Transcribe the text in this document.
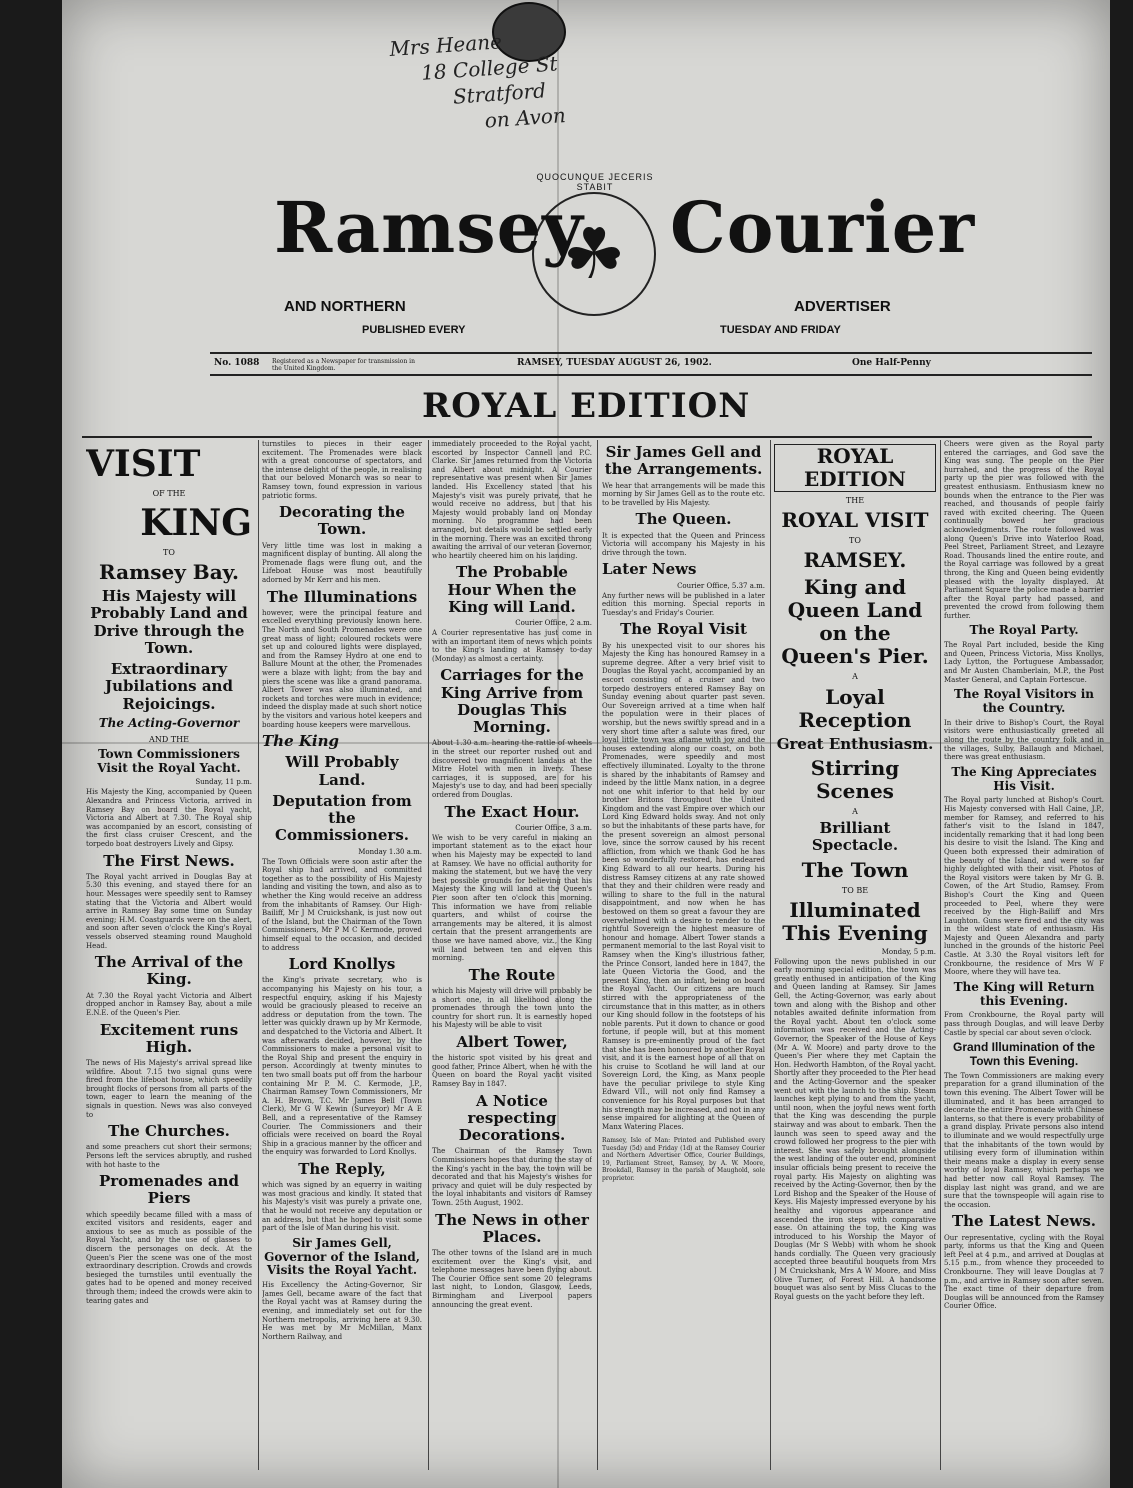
Mrs Heane
18 College St
Stratford
on Avon
QUOCUNQUE JECERIS STABIT
☘
Ramsey Courier
AND NORTHERN	ADVERTISER
PUBLISHED EVERY	TUESDAY AND FRIDAY
No. 1088 Registered as a Newspaper for transmission in the United Kingdom.
RAMSEY, TUESDAY AUGUST 26, 1902.	One Half-Penny
ROYAL EDITION
VISIT
OF THE
KING
TO
Ramsey Bay.
His Majesty will Probably Land and Drive through the Town.
Extraordinary Jubilations and Rejoicings.
The Acting-Governor
AND THE
Town Commissioners Visit the Royal Yacht.
Sunday, 11 p.m.

His Majesty the King, accompanied by Queen Alexandra and Princess Victoria, arrived in Ramsey Bay on board the Royal yacht, Victoria and Albert at 7.30. The Royal ship was accompanied by an escort, consisting of the first class cruiser Crescent, and the torpedo boat destroyers Lively and Gipsy.

The First News.

The Royal yacht arrived in Douglas Bay at 5.30 this evening, and stayed there for an hour. Messages were speedily sent to Ramsey stating that the Victoria and Albert would arrive in Ramsey Bay some time on Sunday evening; H.M. Coastguards were on the alert, and soon after seven o'clock the King's Royal vessels observed steaming round Maughold Head.

The Arrival of the King.

At 7.30 the Royal yacht Victoria and Albert dropped anchor in Ramsey Bay, about a mile E.N.E. of the Queen's Pier.

Excitement runs High.

The news of His Majesty's arrival spread like wildfire. About 7.15 two signal guns were fired from the lifeboat house, which speedily brought flocks of persons from all parts of the town, eager to learn the meaning of the signals in question. News was also conveyed to

The Churches.

and some preachers cut short their sermons; Persons left the services abruptly, and rushed with hot haste to the

Promenades and Piers

which speedily became filled with a mass of excited visitors and residents, eager and anxious to see as much as possible of the Royal Yacht, and by the use of glasses to discern the personages on deck. At the Queen's Pier the scene was one of the most extraordinary description. Crowds and crowds besieged the turnstiles until eventually the gates had to be opened and money received through them; indeed the crowds were akin to tearing gates and

turnstiles to pieces in their eager excitement. The Promenades were black with a great concourse of spectators, and the intense delight of the people, in realising that our beloved Monarch was so near to Ramsey town, found expression in various patriotic forms.

Decorating the Town.

Very little time was lost in making a magnificent display of bunting. All along the Promenade flags were flung out, and the Lifeboat House was most beautifully adorned by Mr Kerr and his men.

The Illuminations

however, were the principal feature and excelled everything previously known here. The North and South Promenades were one great mass of light; coloured rockets were set up and coloured lights were displayed, and from the Ramsey Hydro at one end to Ballure Mount at the other, the Promenades were a blaze with light; from the bay and piers the scene was like a grand panorama. Albert Tower was also illuminated, and rockets and torches were much in evidence; indeed the display made at such short notice by the visitors and various hotel keepers and boarding house keepers were marvellous.

The King
Will Probably Land.
Deputation from the Commissioners.
Monday 1.30 a.m.

The Town Officials were soon astir after the Royal ship had arrived, and committed together as to the possibility of His Majesty landing and visiting the town, and also as to whether the King would receive an address from the inhabitants of Ramsey. Our High-Bailiff, Mr J M Cruickshank, is just now out of the Island, but the Chairman of the Town Commissioners, Mr P M C Kermode, proved himself equal to the occasion, and decided to address

Lord Knollys

the King's private secretary, who is accompanying his Majesty on his tour, a respectful enquiry, asking if his Majesty would be graciously pleased to receive an address or deputation from the town. The letter was quickly drawn up by Mr Kermode, and despatched to the Victoria and Albert. It was afterwards decided, however, by the Commissioners to make a personal visit to the Royal Ship and present the enquiry in person. Accordingly at twenty minutes to ten two small boats put off from the harbour containing Mr P. M. C. Kermode, J.P., Chairman Ramsey Town Commissioners, Mr A. H. Brown, T.C. Mr James Bell (Town Clerk), Mr G W Kewin (Surveyor) Mr A E Bell, and a representative of the Ramsey Courier. The Commissioners and their officials were received on board the Royal Ship in a gracious manner by the officer and the enquiry was forwarded to Lord Knollys.

The Reply,

which was signed by an equerry in waiting was most gracious and kindly. It stated that his Majesty's visit was purely a private one, that he would not receive any deputation or an address, but that he hoped to visit some part of the Isle of Man during his visit.

Sir James Gell, Governor of the Island, Visits the Royal Yacht.

His Excellency the Acting-Governor, Sir James Gell, became aware of the fact that the Royal yacht was at Ramsey during the evening, and immediately set out for the Northern metropolis, arriving here at 9.30. He was met by Mr McMillan, Manx Northern Railway, and

immediately proceeded to the Royal yacht, escorted by Inspector Cannell and P.C. Clarke. Sir James returned from the Victoria and Albert about midnight. A Courier representative was present when Sir James landed. His Excellency stated that his Majesty's visit was purely private, that he would receive no address, but that his Majesty would probably land on Monday morning. No programme had been arranged, but details would be settled early in the morning. There was an excited throng awaiting the arrival of our veteran Governor, who heartily cheered him on his landing.

The Probable Hour When the King will Land.
Courier Office, 2 a.m.

A Courier representative has just come in with an important item of news which points to the King's landing at Ramsey to-day (Monday) as almost a certainty.

Carriages for the King Arrive from Douglas This Morning.

About 1.30 a.m. hearing the rattle of wheels in the street our reporter rushed out and discovered two magnificent landaus at the Mitre Hotel with men in livery. These carriages, it is supposed, are for his Majesty's use to day, and had been specially ordered from Douglas.

The Exact Hour.
Courier Office, 3 a.m.

We wish to be very careful in making an important statement as to the exact hour when his Majesty may be expected to land at Ramsey. We have no official authority for making the statement, but we have the very best possible grounds for believing that his Majesty the King will land at the Queen's Pier soon after ten o'clock this morning. This information we have from reliable quarters, and whilst of course the arrangements may be altered, it is almost certain that the present arrangements are those we have named above, viz., the King will land between ten and eleven this morning.

The Route

which his Majesty will drive will probably be a short one, in all likelihood along the promenades through the town unto the country for short run. It is earnestly hoped his Majesty will be able to visit

Albert Tower,

the historic spot visited by his great and good father, Prince Albert, when he with the Queen on board the Royal yacht visited Ramsey Bay in 1847.

A Notice respecting Decorations.

The Chairman of the Ramsey Town Commissioners hopes that during the stay of the King's yacht in the bay, the town will be decorated and that his Majesty's wishes for privacy and quiet will be duly respected by the loyal inhabitants and visitors of Ramsey Town. 25th August, 1902.

The News in other Places.

The other towns of the Island are in much excitement over the King's visit, and telephone messages have been flying about. The Courier Office sent some 20 telegrams last night, to London, Glasgow, Leeds, Birmingham and Liverpool papers announcing the great event.

Sir James Gell and the Arrangements.

We hear that arrangements will be made this morning by Sir James Gell as to the route etc. to be travelled by His Majesty.

The Queen.

It is expected that the Queen and Princess Victoria will accompany his Majesty in his drive through the town.

Later News
Courier Office, 5.37 a.m.

Any further news will be published in a later edition this morning. Special reports in Tuesday's and Friday's Courier.

The Royal Visit

By his unexpected visit to our shores his Majesty the King has honoured Ramsey in a supreme degree. After a very brief visit to Douglas the Royal yacht, accompanied by an escort consisting of a cruiser and two torpedo destroyers entered Ramsey Bay on Sunday evening about quarter past seven. Our Sovereign arrived at a time when half the population were in their places of worship, but the news swiftly spread and in a very short time after a salute was fired, our loyal little town was aflame with joy and the houses extending along our coast, on both Promenades, were speedily and most effectively illuminated. Loyalty to the throne is shared by the inhabitants of Ramsey and indeed by the little Manx nation, in a degree not one whit inferior to that held by our brother Britons throughout the United Kingdom and the vast Empire over which our Lord King Edward holds sway. And not only so but the inhabitants of these parts have, for the present sovereign an almost personal love, since the sorrow caused by his recent affliction, from which we thank God he has been so wonderfully restored, has endeared King Edward to all our hearts. During his distress Ramsey citizens at any rate showed that they and their children were ready and willing to share to the full in the natural disappointment, and now when he has bestowed on them so great a favour they are overwhelmed with a desire to render to the rightful Sovereign the highest measure of honour and homage. Albert Tower stands a permanent memorial to the last Royal visit to Ramsey when the King's illustrious father, the Prince Consort, landed here in 1847, the late Queen Victoria the Good, and the present King, then an infant, being on board the Royal Yacht. Our citizens are much stirred with the appropriateness of the circumstance that in this matter, as in others our King should follow in the footsteps of his noble parents. Put it down to chance or good fortune, if people will, but at this moment Ramsey is pre-eminently proud of the fact that she has been honoured by another Royal visit, and it is the earnest hope of all that on his cruise to Scotland he will land at our Sovereign Lord, the King, as Manx people have the peculiar privilege to style King Edward VII., will not only find Ramsey a convenience for his Royal purposes but that his strength may be increased, and not in any sense impaired for alighting at the Queen of Manx Watering Places.

Ramsey, Isle of Man: Printed and Published every Tuesday (5d) and Friday (1d) at the Ramsey Courier and Northern Advertiser Office, Courier Buildings, 19, Parliament Street, Ramsey, by A. W. Moore, Brookdall, Ramsey in the parish of Maughold, sole proprietor.

ROYAL EDITION
THE
ROYAL VISIT
TO
RAMSEY.
King and Queen Land on the Queen's Pier.
A
Loyal Reception
Great Enthusiasm.
Stirring Scenes
A
Brilliant Spectacle.
The Town
TO BE
Illuminated This Evening
Monday, 5 p.m.

Following upon the news published in our early morning special edition, the town was greatly enthused in anticipation of the King and Queen landing at Ramsey. Sir James Gell, the Acting-Governor, was early about town and along with the Bishop and other notables awaited definite information from the Royal yacht. About ten o'clock some information was received and the Acting-Governor, the Speaker of the House of Keys (Mr A. W. Moore) and party drove to the Queen's Pier where they met Captain the Hon. Hedworth Hambton, of the Royal yacht. Shortly after they proceeded to the Pier head and the Acting-Governor and the speaker went out with the launch to the ship. Steam launches kept plying to and from the yacht, until noon, when the joyful news went forth that the King was descending the purple stairway and was about to embark. Then the launch was seen to speed away and the crowd followed her progress to the pier with interest. She was safely brought alongside the west landing of the outer end, prominent insular officials being present to receive the royal party. His Majesty on alighting was received by the Acting-Governor, then by the Lord Bishop and the Speaker of the House of Keys. His Majesty impressed everyone by his healthy and vigorous appearance and ascended the iron steps with comparative ease. On attaining the top, the King was introduced to his Worship the Mayor of Douglas (Mr S Webb) with whom he shook hands cordially. The Queen very graciously accepted three beautiful bouquets from Mrs J M Cruickshank, Mrs A W Moore, and Miss Olive Turner, of Forest Hill. A handsome bouquet was also sent by Miss Clucas to the Royal guests on the yacht before they left.

Cheers were given as the Royal party entered the carriages, and God save the King was sung. The people on the Pier hurrahed, and the progress of the Royal party up the pier was followed with the greatest enthusiasm. Enthusiasm knew no bounds when the entrance to the Pier was reached, and thousands of people fairly raved with excited cheering. The Queen continually bowed her gracious acknowledgments. The route followed was along Queen's Drive into Waterloo Road, Peel Street, Parliament Street, and Lezayre Road. Thousands lined the entire route, and the Royal carriage was followed by a great throng, the King and Queen being evidently pleased with the loyalty displayed. At Parliament Square the police made a barrier after the Royal party had passed, and prevented the crowd from following them further.

The Royal Party.

The Royal Part included, beside the King and Queen, Princess Victoria, Miss Knollys, Lady Lytton, the Portuguese Ambassador, and Mr Austen Chamberlain, M.P., the Post Master General, and Captain Fortescue.

The Royal Visitors in the Country.

In their drive to Bishop's Court, the Royal visitors were enthusiastically greeted all along the route by the country folk and in the villages, Sulby, Ballaugh and Michael, there was great enthusiasm.

The King Appreciates His Visit.

The Royal party lunched at Bishop's Court. His Majesty conversed with Hall Caine, J.P., member for Ramsey, and referred to his father's visit to the Island in 1847, incidentally remarking that it had long been his desire to visit the Island. The King and Queen both expressed their admiration of the beauty of the Island, and were so far highly delighted with their visit. Photos of the Royal visitors were taken by Mr G. B. Cowen, of the Art Studio, Ramsey. From Bishop's Court the King and Queen proceeded to Peel, where they were received by the High-Bailiff and Mrs Laughton. Guns were fired and the city was in the wildest state of enthusiasm. His Majesty and Queen Alexandra and party lunched in the grounds of the historic Peel Castle. At 3.30 the Royal visitors left for Cronkbourne, the residence of Mrs W F Moore, where they will have tea.

The King will Return this Evening.

From Cronkbourne, the Royal party will pass through Douglas, and will leave Derby Castle by special car about seven o'clock.

Grand Illumination of the Town this Evening.

The Town Commissioners are making every preparation for a grand illumination of the town this evening. The Albert Tower will be illuminated, and it has been arranged to decorate the entire Promenade with Chinese lanterns, so that there is every probability of a grand display. Private persons also intend to illuminate and we would respectfully urge that the inhabitants of the town would by utilising every form of illumination within their means make a display in every sense worthy of loyal Ramsey, which perhaps we had better now call Royal Ramsey. The display last night was grand, and we are sure that the townspeople will again rise to the occasion.

The Latest News.

Our representative, cycling with the Royal party, informs us that the King and Queen left Peel at 4 p.m., and arrived at Douglas at 5.15 p.m., from whence they proceeded to Cronkbourne. They will leave Douglas at 7 p.m., and arrive in Ramsey soon after seven. The exact time of their departure from Douglas will be announced from the Ramsey Courier Office.
